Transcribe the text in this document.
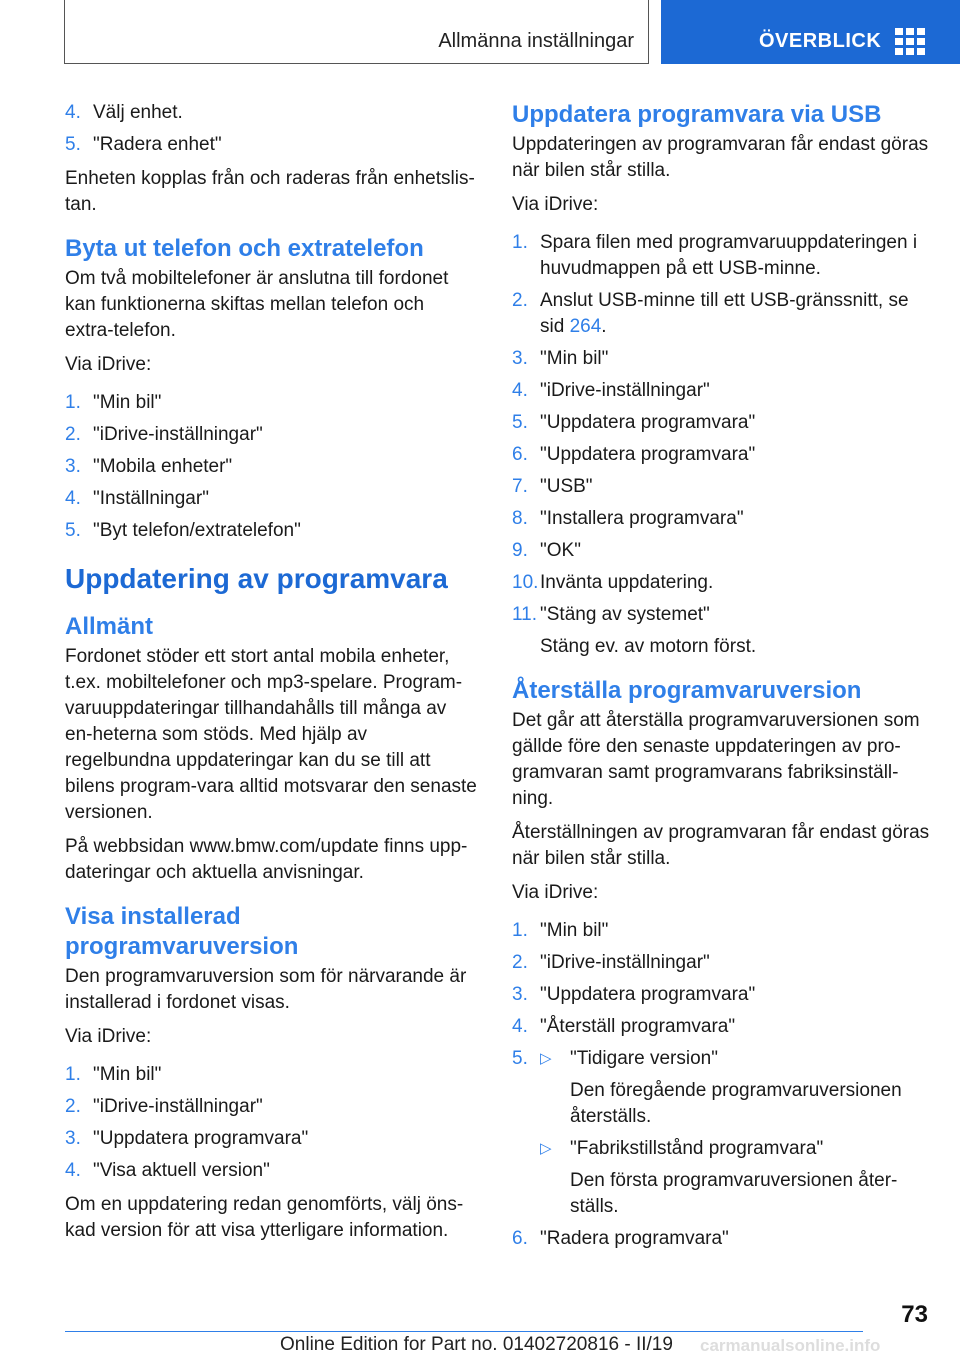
Allmänna inställningar	ÖVERBLICK
4. Välj enhet.
5. "Radera enhet"

Enheten kopplas från och raderas från enhetslis-tan.

Byta ut telefon och extratelefon

Om två mobiltelefoner är anslutna till fordonet kan funktionerna skiftas mellan telefon och extra-telefon.

Via iDrive:

1. "Min bil"
2. "iDrive-inställningar"
3. "Mobila enheter"
4. "Inställningar"
5. "Byt telefon/extratelefon"
Uppdatering av programvara
Allmänt

Fordonet stöder ett stort antal mobila enheter, t.ex. mobiltelefoner och mp3-spelare. Program-varuuppdateringar tillhandahålls till många av en-heterna som stöds. Med hjälp av regelbundna uppdateringar kan du se till att bilens program-vara alltid motsvarar den senaste versionen.

På webbsidan www.bmw.com/update finns upp-dateringar och aktuella anvisningar.

Visa installerad programvaruversion

Den programvaruversion som för närvarande är installerad i fordonet visas.

Via iDrive:

1. "Min bil"
2. "iDrive-inställningar"
3. "Uppdatera programvara"
4. "Visa aktuell version"

Om en uppdatering redan genomförts, välj öns-kad version för att visa ytterligare information.

Uppdatera programvara via USB

Uppdateringen av programvaran får endast göras när bilen står stilla.

Via iDrive:

1. Spara filen med programvaruuppdateringen i huvudmappen på ett USB-minne.
2. Anslut USB-minne till ett USB-gränssnitt, se sid 264.
3. "Min bil"
4. "iDrive-inställningar"
5. "Uppdatera programvara"
6. "Uppdatera programvara"
7. "USB"
8. "Installera programvara"
9. "OK"
10. Invänta uppdatering.
11. "Stäng av systemet"
Stäng ev. av motorn först.
Återställa programvaruversion

Det går att återställa programvaruversionen som gällde före den senaste uppdateringen av pro-gramvaran samt programvarans fabriksinställ-ning.

Återställningen av programvaran får endast göras när bilen står stilla.

Via iDrive:

1. "Min bil"
2. "iDrive-inställningar"
3. "Uppdatera programvara"
4. "Återställ programvara"
5. ▷ "Tidigare version"
Den föregående programvaruversionen återställs.
▷ "Fabrikstillstånd programvara"
Den första programvaruversionen åter-ställs.
6. "Radera programvara"
73
Online Edition for Part no. 01402720816 - II/19 carmanualsonline.info
